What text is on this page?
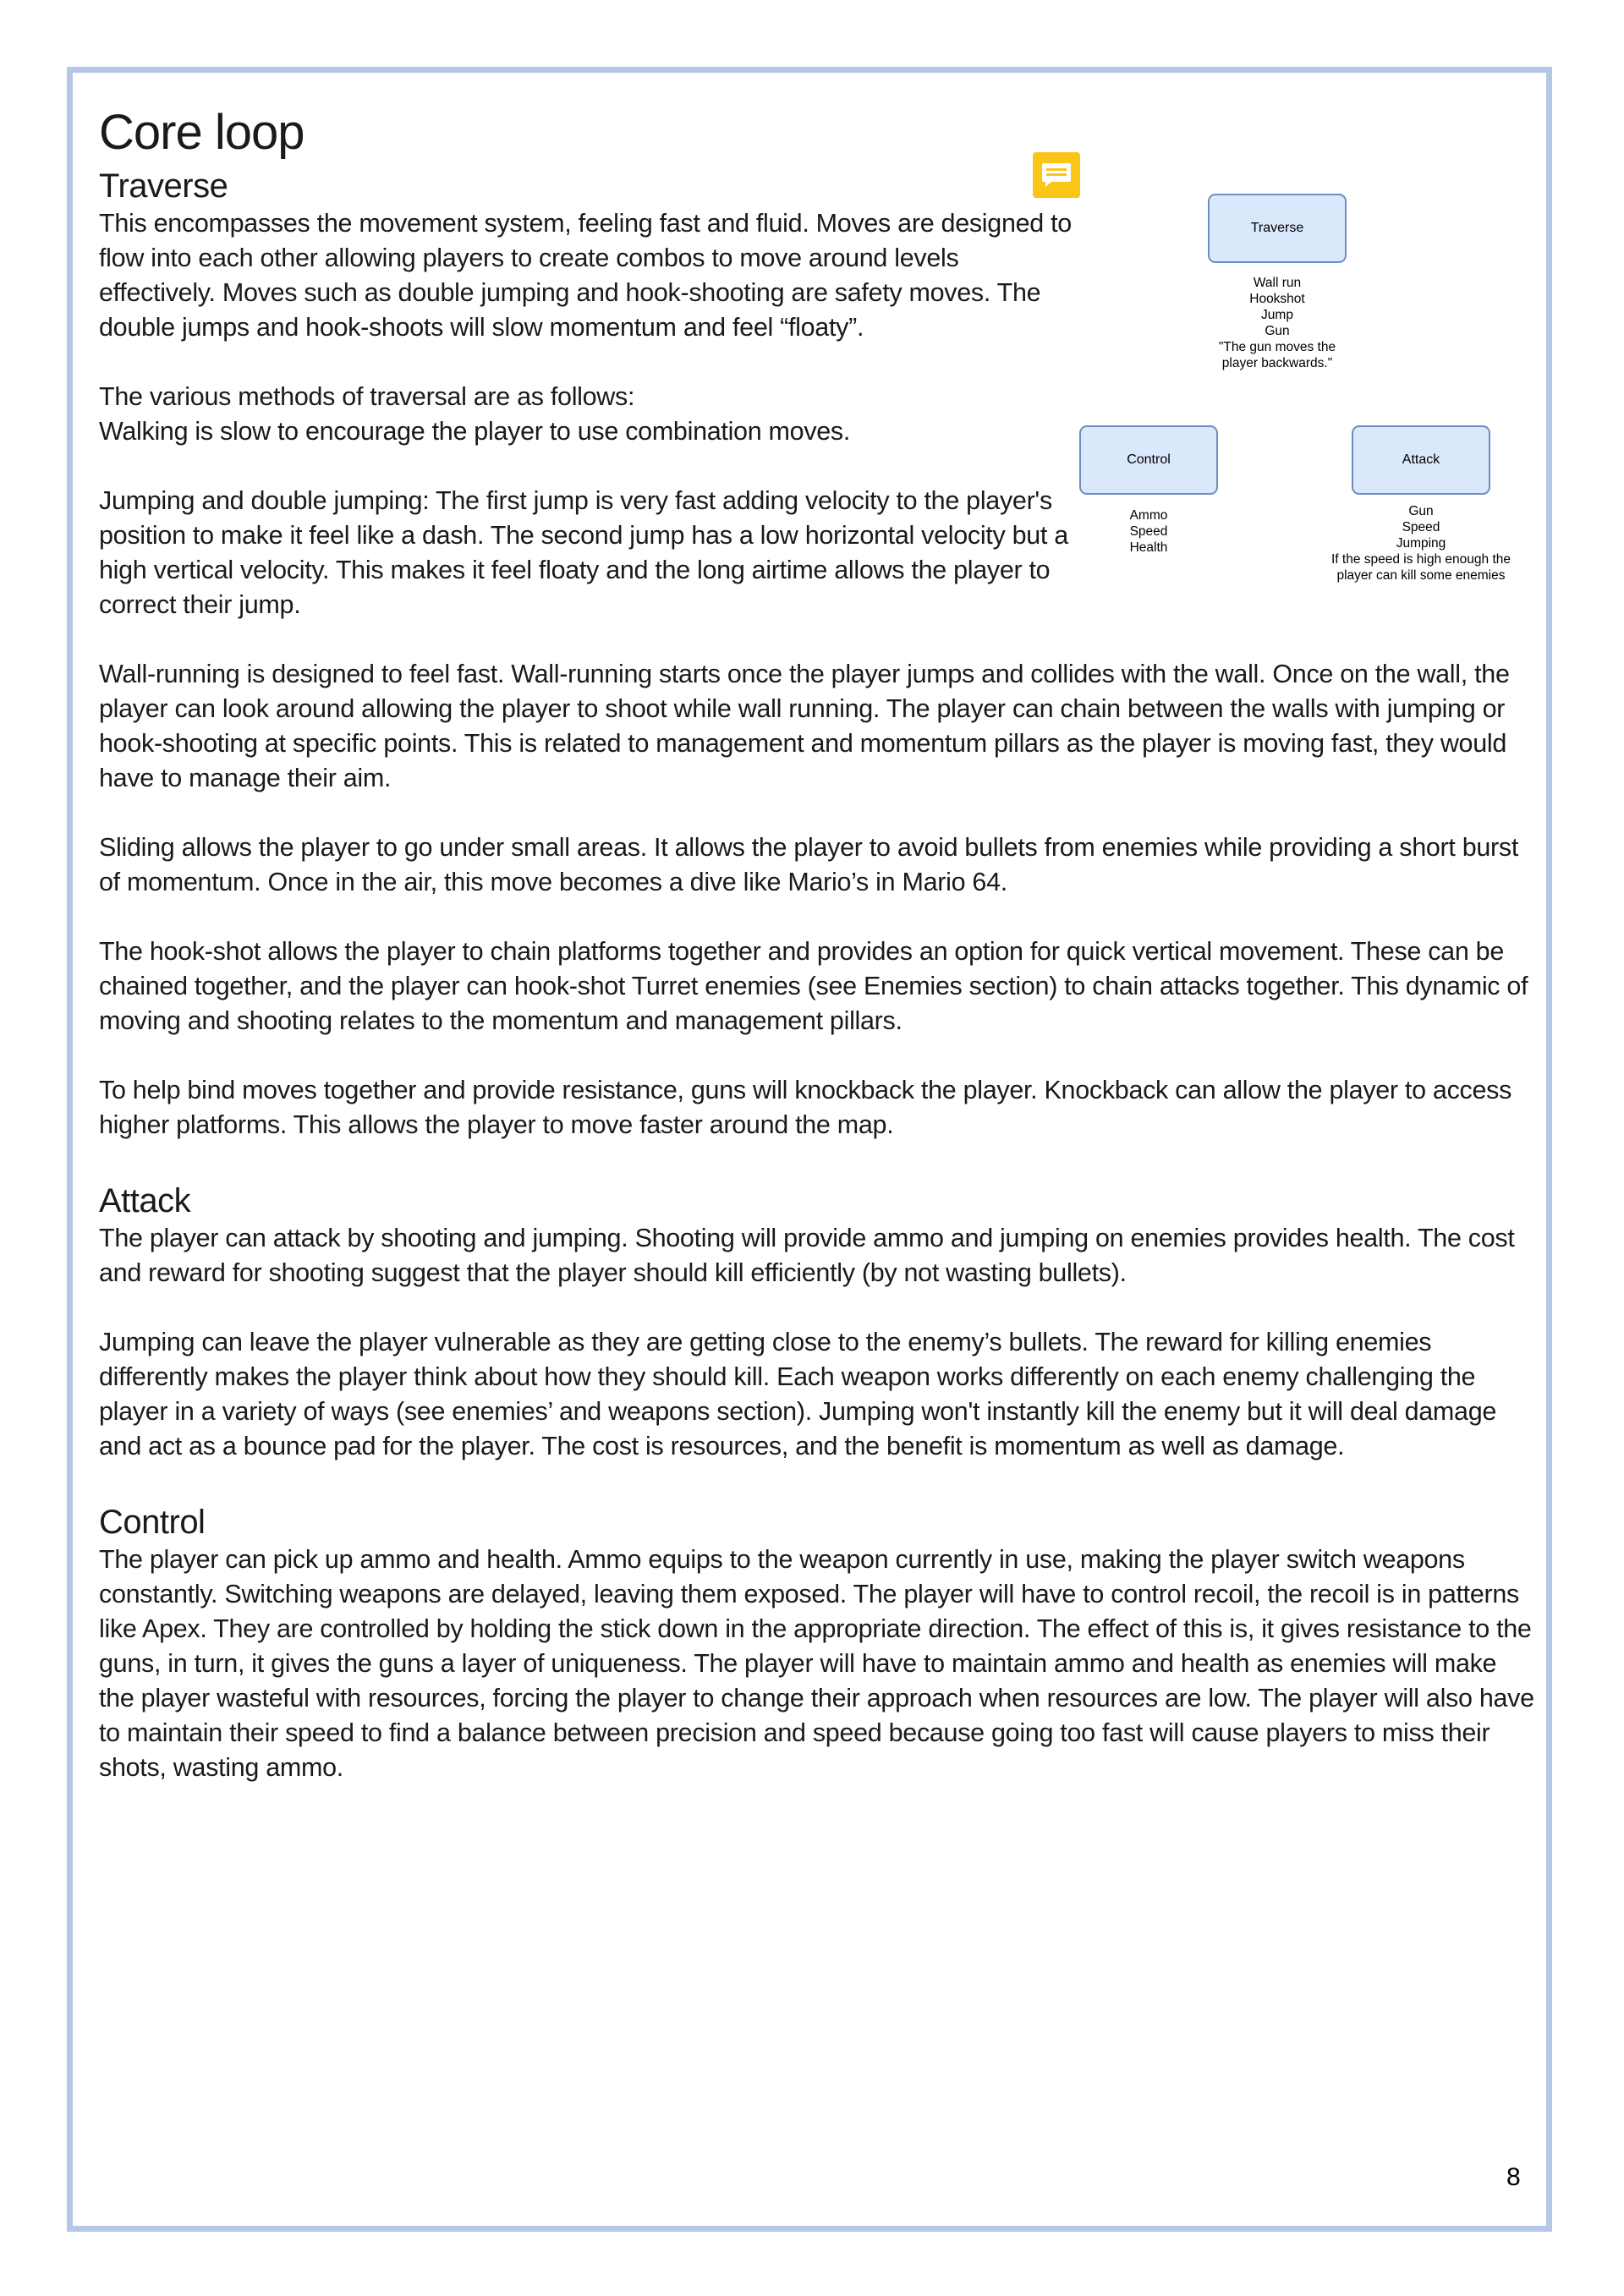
Traverse
Wall run
Hookshot
Jump
Gun
"The gun moves the
player backwards."
Control
Ammo
Speed
Health
Attack
Gun
Speed
Jumping
If the speed is high enough the
player can kill some enemies
Core loop
Traverse

This encompasses the movement system, feeling fast and fluid. Moves are designed to flow into each other allowing players to create combos to move around levels effectively. Moves such as double jumping and hook-shooting are safety moves. The double jumps and hook-shoots will slow momentum and feel “floaty”.

The various methods of traversal are as follows:

Walking is slow to encourage the player to use combination moves.

Jumping and double jumping: The first jump is very fast adding velocity to the player's position to make it feel like a dash. The second jump has a low horizontal velocity but a high vertical velocity. This makes it feel floaty and the long airtime allows the player to correct their jump.

Wall-running is designed to feel fast. Wall-running starts once the player jumps and collides with the wall. Once on the wall, the player can look around allowing the player to shoot while wall running. The player can chain between the walls with jumping or hook-shooting at specific points. This is related to management and momentum pillars as the player is moving fast, they would have to manage their aim.

Sliding allows the player to go under small areas. It allows the player to avoid bullets from enemies while providing a short burst of momentum. Once in the air, this move becomes a dive like Mario’s in Mario 64.

The hook-shot allows the player to chain platforms together and provides an option for quick vertical movement. These can be chained together, and the player can hook-shot Turret enemies (see Enemies section) to chain attacks together. This dynamic of moving and shooting relates to the momentum and management pillars.

To help bind moves together and provide resistance, guns will knockback the player. Knockback can allow the player to access higher platforms. This allows the player to move faster around the map.

Attack

The player can attack by shooting and jumping. Shooting will provide ammo and jumping on enemies provides health. The cost and reward for shooting suggest that the player should kill efficiently (by not wasting bullets).

Jumping can leave the player vulnerable as they are getting close to the enemy’s bullets. The reward for killing enemies differently makes the player think about how they should kill. Each weapon works differently on each enemy challenging the player in a variety of ways (see enemies’ and weapons section). Jumping won't instantly kill the enemy but it will deal damage and act as a bounce pad for the player. The cost is resources, and the benefit is momentum as well as damage.

Control

The player can pick up ammo and health. Ammo equips to the weapon currently in use, making the player switch weapons constantly. Switching weapons are delayed, leaving them exposed. The player will have to control recoil, the recoil is in patterns like Apex. They are controlled by holding the stick down in the appropriate direction. The effect of this is, it gives resistance to the guns, in turn, it gives the guns a layer of uniqueness. The player will have to maintain ammo and health as enemies will make the player wasteful with resources, forcing the player to change their approach when resources are low. The player will also have to maintain their speed to find a balance between precision and speed because going too fast will cause players to miss their shots, wasting ammo.

8
